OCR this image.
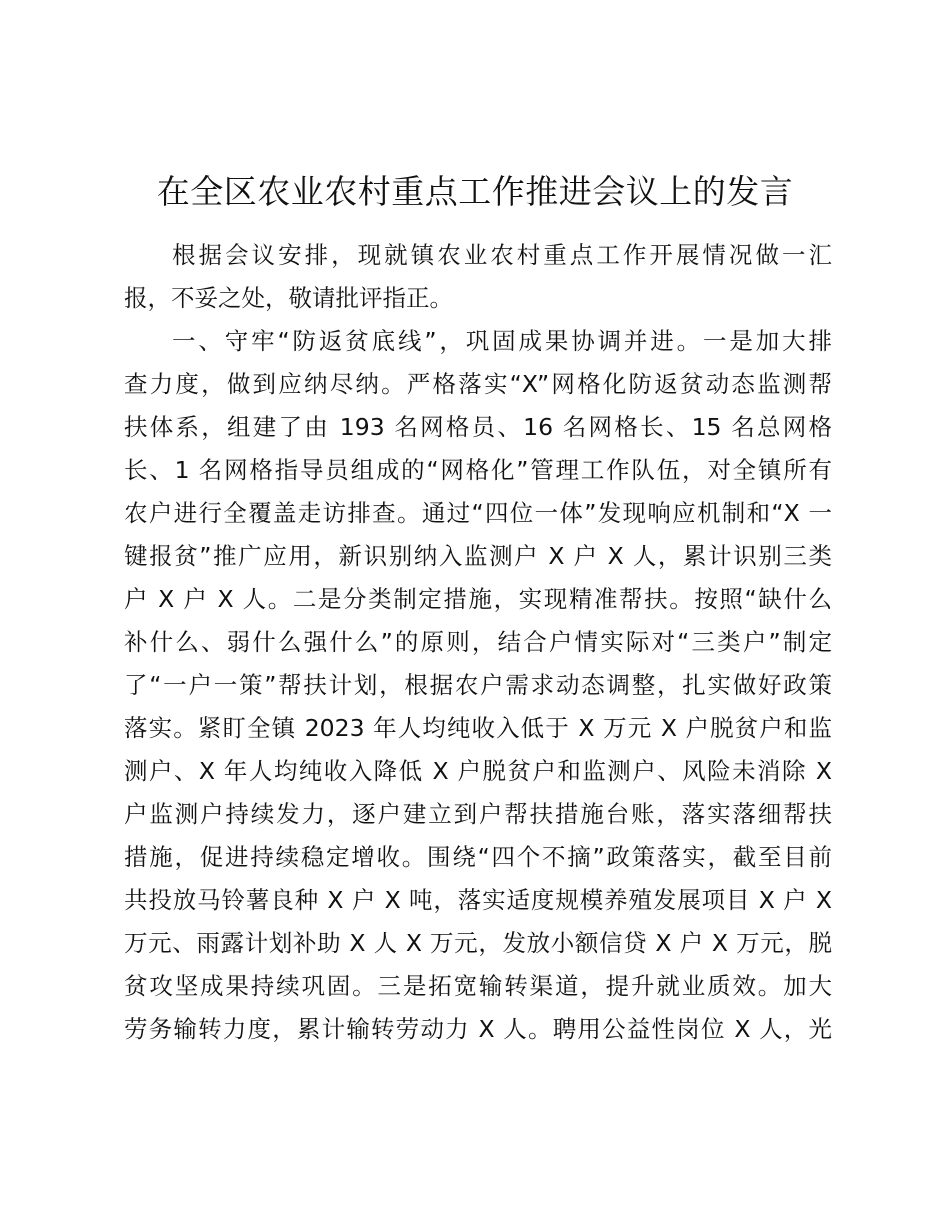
在全区农业农村重点工作推进会议上的发言
根据会议安排，现就镇农业农村重点工作开展情况做一汇
报，不妥之处，敬请批评指正。
一、守牢“防返贫底线”，巩固成果协调并进。一是加大排
查力度，做到应纳尽纳。严格落实“X”网格化防返贫动态监测帮
扶体系，组建了由 193 名网格员、16 名网格长、15 名总网格
长、1 名网格指导员组成的“网格化”管理工作队伍，对全镇所有
农户进行全覆盖走访排查。通过“四位一体”发现响应机制和“X 一
键报贫”推广应用，新识别纳入监测户 X 户 X 人，累计识别三类
户 X 户 X 人。二是分类制定措施，实现精准帮扶。按照“缺什么
补什么、弱什么强什么”的原则，结合户情实际对“三类户”制定
了“一户一策”帮扶计划，根据农户需求动态调整，扎实做好政策
落实。紧盯全镇 2023 年人均纯收入低于 X 万元 X 户脱贫户和监
测户、X 年人均纯收入降低 X 户脱贫户和监测户、风险未消除 X
户监测户持续发力，逐户建立到户帮扶措施台账，落实落细帮扶
措施，促进持续稳定增收。围绕“四个不摘”政策落实，截至目前
共投放马铃薯良种 X 户 X 吨，落实适度规模养殖发展项目 X 户 X
万元、雨露计划补助 X 人 X 万元，发放小额信贷 X 户 X 万元，脱
贫攻坚成果持续巩固。三是拓宽输转渠道，提升就业质效。加大
劳务输转力度，累计输转劳动力 X 人。聘用公益性岗位 X 人，光
